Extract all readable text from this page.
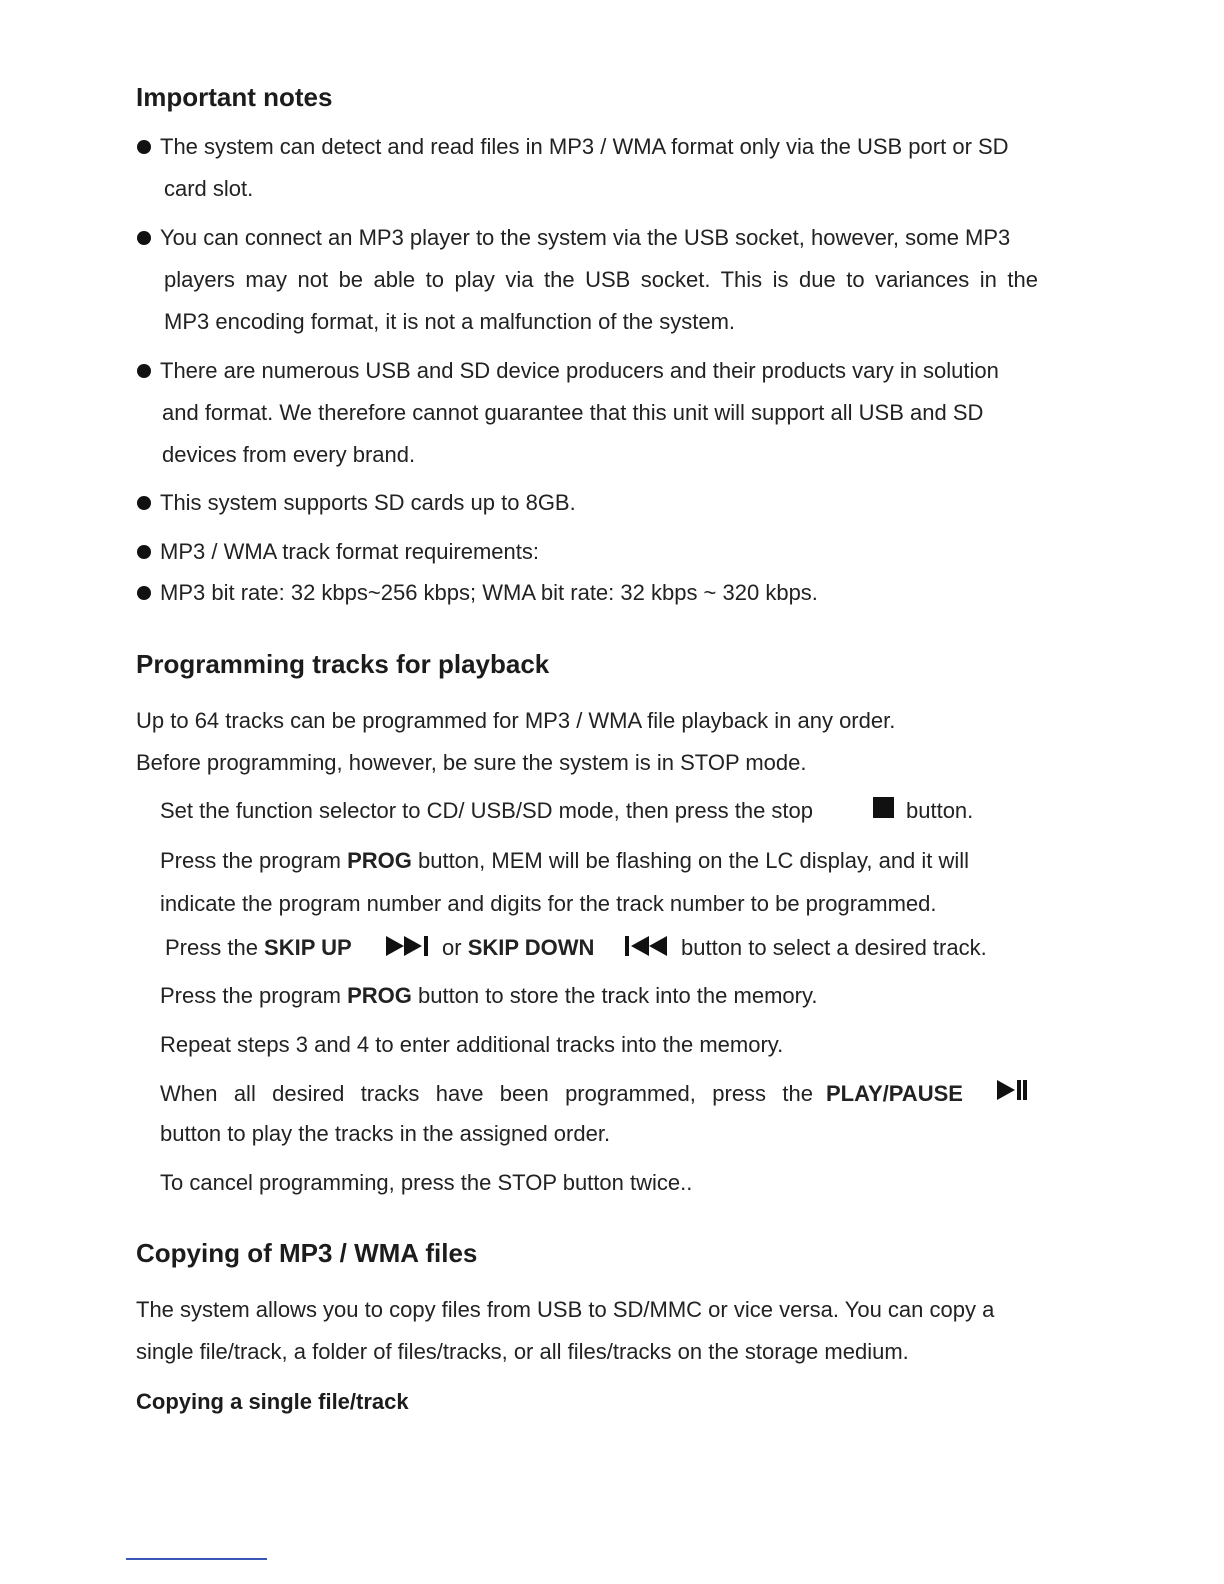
Important notes
The system can detect and read files in MP3 / WMA format only via the USB port or SD
card slot.
You can connect an MP3 player to the system via the USB socket, however, some MP3
players may not be able to play via the USB socket. This is due to variances in the
MP3 encoding format, it is not a malfunction of the system.
There are numerous USB and SD device producers and their products vary in solution
and format. We therefore cannot guarantee that this unit will support all USB and SD
devices from every brand.
This system supports SD cards up to 8GB.
MP3 / WMA track format requirements:
MP3 bit rate: 32 kbps~256 kbps; WMA bit rate: 32 kbps ~ 320 kbps.
Programming tracks for playback
Up to 64 tracks can be programmed for MP3 / WMA file playback in any order.
Before programming, however, be sure the system is in STOP mode.
Set the function selector to CD/ USB/SD mode, then press the stop	button.
Press the program PROG button, MEM will be flashing on the LC display, and it will
indicate the program number and digits for the track number to be programmed.
Press the SKIP UP	or SKIP DOWN	button to select a desired track.
Press the program PROG button to store the track into the memory.
Repeat steps 3 and 4 to enter additional tracks into the memory.
When all desired tracks have been programmed, press the PLAY/PAUSE
button to play the tracks in the assigned order.
To cancel programming, press the STOP button twice..
Copying of MP3 / WMA files
The system allows you to copy files from USB to SD/MMC or vice versa. You can copy a
single file/track, a folder of files/tracks, or all files/tracks on the storage medium.
Copying a single file/track
